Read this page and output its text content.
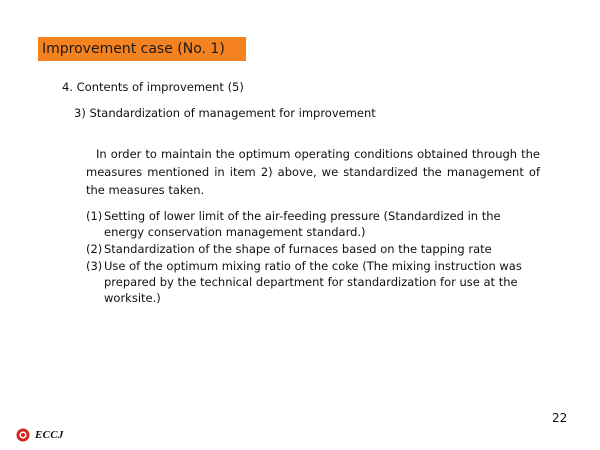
Improvement case (No. 1)
4. Contents of improvement (5)
3) Standardization of management for improvement

In order to maintain the optimum operating conditions obtained through the measures mentioned in item 2) above, we standardized the management of the measures taken.

(1) Setting of lower limit of the air-feeding pressure (Standardized in the energy conservation management standard.)
(2) Standardization of the shape of furnaces based on the tapping rate
(3) Use of the optimum mixing ratio of the coke (The mixing instruction was prepared by the technical department for standardization for use at the worksite.)
22
ECCJ
